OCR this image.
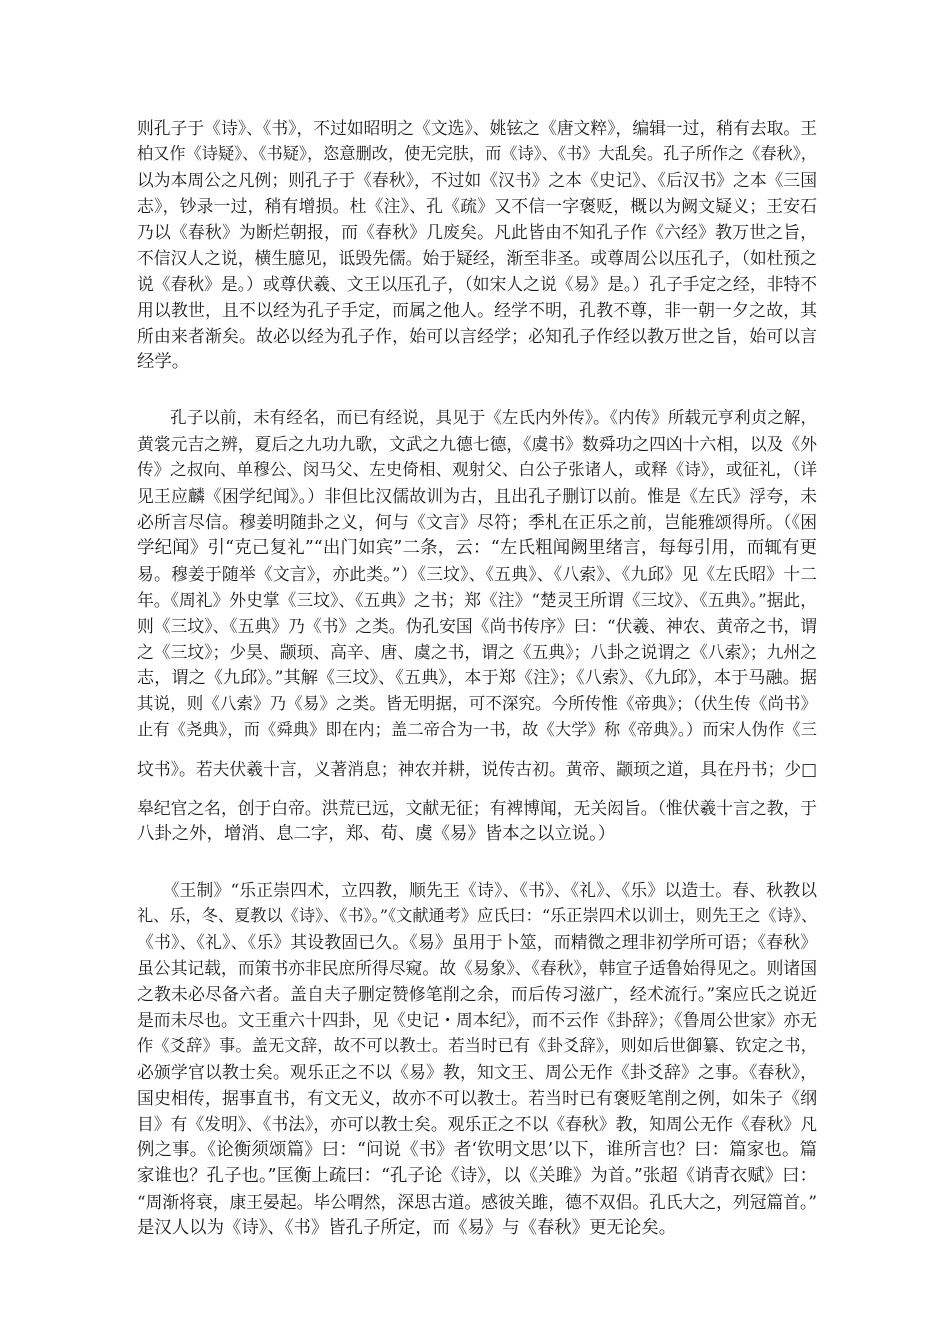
则孔子于《诗》、《书》，不过如昭明之《文选》、姚铉之《唐文粹》，编辑一过，稍有去取。王
柏又作《诗疑》、《书疑》，恣意删改，使无完肤，而《诗》、《书》大乱矣。孔子所作之《春秋》，
以为本周公之凡例；则孔子于《春秋》，不过如《汉书》之本《史记》、《后汉书》之本《三国
志》，钞录一过，稍有增损。杜《注》、孔《疏》又不信一字褒贬，概以为阙文疑义；王安石
乃以《春秋》为断烂朝报，而《春秋》几废矣。凡此皆由不知孔子作《六经》教万世之旨，
不信汉人之说，横生臆见，诋毁先儒。始于疑经，渐至非圣。或尊周公以压孔子，（如杜预之
说《春秋》是。）或尊伏羲、文王以压孔子，（如宋人之说《易》是。）孔子手定之经，非特不
用以教世，且不以经为孔子手定，而属之他人。经学不明，孔教不尊，非一朝一夕之故，其
所由来者渐矣。故必以经为孔子作，始可以言经学；必知孔子作经以教万世之旨，始可以言
经学。
　　孔子以前，未有经名，而已有经说，具见于《左氏内外传》。《内传》所载元亨利贞之解，
黄裳元吉之辨，夏后之九功九歌，文武之九德七德，《虞书》数舜功之四凶十六相，以及《外
传》之叔向、单穆公、闵马父、左史倚相、观射父、白公子张诸人，或释《诗》，或征礼，（详
见王应麟《困学纪闻》。）非但比汉儒故训为古，且出孔子删订以前。惟是《左氏》浮夸，未
必所言尽信。穆姜明随卦之义，何与《文言》尽符；季札在正乐之前，岂能雅颂得所。（《困
学纪闻》引“克己复礼”“出门如宾”二条，云：“左氏粗闻阙里绪言，每每引用，而辄有更
易。穆姜于随举《文言》，亦此类。”）《三坟》、《五典》、《八索》、《九邱》见《左氏昭》十二
年。《周礼》外史掌《三坟》、《五典》之书；郑《注》“楚灵王所谓《三坟》、《五典》。”据此，
则《三坟》、《五典》乃《书》之类。伪孔安国《尚书传序》曰：“伏羲、神农、黄帝之书，谓
之《三坟》；少昊、颛顼、高辛、唐、虞之书，谓之《五典》；八卦之说谓之《八索》；九州之
志，谓之《九邱》。”其解《三坟》、《五典》，本于郑《注》；《八索》、《九邱》，本于马融。据
其说，则《八索》乃《易》之类。皆无明据，可不深究。今所传惟《帝典》；（伏生传《尚书》
止有《尧典》，而《舜典》即在内；盖二帝合为一书，故《大学》称《帝典》。）而宋人伪作《三
坟书》。若夫伏羲十言，义著消息；神农并耕，说传古初。黄帝、颛顼之道，具在丹书；少□
皋纪官之名，创于白帝。洪荒已远，文献无征；有裨博闻，无关闳旨。（惟伏羲十言之教，于
八卦之外，增消、息二字，郑、荀、虞《易》皆本之以立说。）
　　《王制》“乐正崇四术，立四教，顺先王《诗》、《书》、《礼》、《乐》以造士。春、秋教以
礼、乐，冬、夏教以《诗》、《书》。”《文献通考》应氏曰：“乐正崇四术以训士，则先王之《诗》、
《书》、《礼》、《乐》其设教固已久。《易》虽用于卜筮，而精微之理非初学所可语；《春秋》
虽公其记载，而策书亦非民庶所得尽窥。故《易象》、《春秋》，韩宣子适鲁始得见之。则诸国
之教未必尽备六者。盖自夫子删定赞修笔削之余，而后传习滋广，经术流行。”案应氏之说近
是而未尽也。文王重六十四卦，见《史记・周本纪》，而不云作《卦辞》；《鲁周公世家》亦无
作《爻辞》事。盖无文辞，故不可以教士。若当时已有《卦爻辞》，则如后世御纂、钦定之书，
必颁学官以教士矣。观乐正之不以《易》教，知文王、周公无作《卦爻辞》之事。《春秋》，
国史相传，据事直书，有文无义，故亦不可以教士。若当时已有褒贬笔削之例，如朱子《纲
目》有《发明》、《书法》，亦可以教士矣。观乐正之不以《春秋》教，知周公无作《春秋》凡
例之事。《论衡须颂篇》曰：“问说《书》者‘钦明文思’以下，谁所言也？曰：篇家也。篇
家谁也？孔子也。”匡衡上疏曰：“孔子论《诗》，以《关雎》为首。”张超《诮青衣赋》曰：
“周渐将衰，康王晏起。毕公喟然，深思古道。感彼关雎，德不双侣。孔氏大之，列冠篇首。”
是汉人以为《诗》、《书》皆孔子所定，而《易》与《春秋》更无论矣。
